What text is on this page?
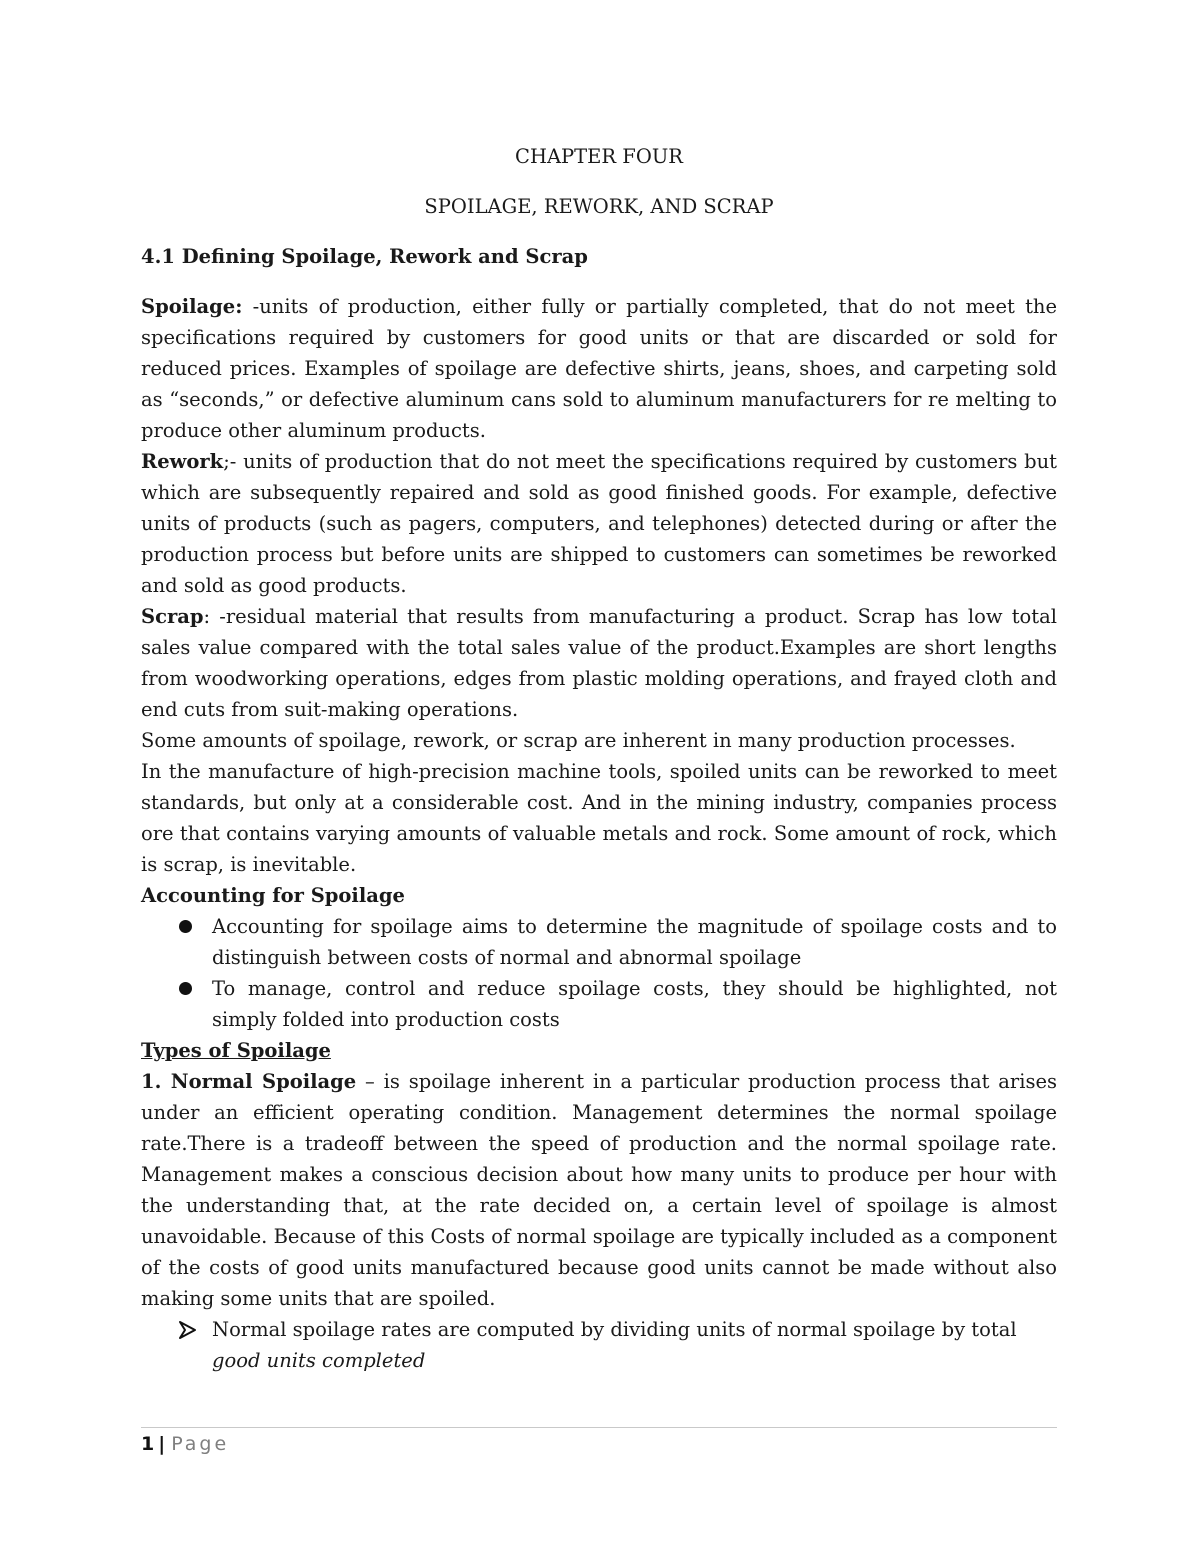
CHAPTER FOUR

SPOILAGE, REWORK, AND SCRAP

4.1 Defining Spoilage, Rework and Scrap

Spoilage: -units of production, either fully or partially completed, that do not meet the specifications required by customers for good units or that are discarded or sold for reduced prices. Examples of spoilage are defective shirts, jeans, shoes, and carpeting sold as “seconds,” or defective aluminum cans sold to aluminum manufacturers for re melting to produce other aluminum products.

Rework;- units of production that do not meet the specifications required by customers but which are subsequently repaired and sold as good finished goods. For example, defective units of products (such as pagers, computers, and telephones) detected during or after the production process but before units are shipped to customers can sometimes be reworked and sold as good products.

Scrap: -residual material that results from manufacturing a product. Scrap has low total sales value compared with the total sales value of the product.Examples are short lengths from woodworking operations, edges from plastic molding operations, and frayed cloth and end cuts from suit-making operations.

Some amounts of spoilage, rework, or scrap are inherent in many production processes.

In the manufacture of high-precision machine tools, spoiled units can be reworked to meet standards, but only at a considerable cost. And in the mining industry, companies process ore that contains varying amounts of valuable metals and rock. Some amount of rock, which is scrap, is inevitable.

Accounting for Spoilage

Accounting for spoilage aims to determine the magnitude of spoilage costs and to distinguish between costs of normal and abnormal spoilage
To manage, control and reduce spoilage costs, they should be highlighted, not simply folded into production costs

Types of Spoilage

1. Normal Spoilage – is spoilage inherent in a particular production process that arises under an efficient operating condition. Management determines the normal spoilage rate.There is a tradeoff between the speed of production and the normal spoilage rate. Management makes a conscious decision about how many units to produce per hour with the understanding that, at the rate decided on, a certain level of spoilage is almost unavoidable. Because of this Costs of normal spoilage are typically included as a component of the costs of good units manufactured because good units cannot be made without also making some units that are spoiled.

Normal spoilage rates are computed by dividing units of normal spoilage by total good units completed
1 | Page
